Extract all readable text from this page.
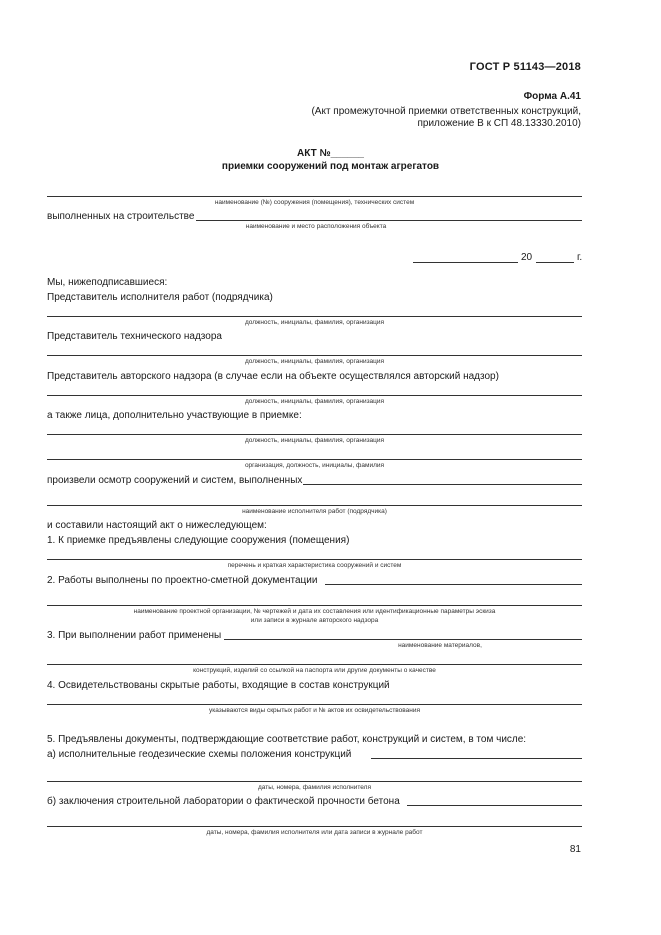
ГОСТ Р 51143—2018
Форма А.41
(Акт промежуточной приемки ответственных конструкций,
приложение В к СП 48.13330.2010)
АКТ №______
приемки сооружений под монтаж агрегатов
наименование (№) сооружения (помещения), технических систем
выполненных на строительстве
наименование и место расположения объекта
20	г.
Мы, нижеподписавшиеся:
Представитель исполнителя работ (подрядчика)
должность, инициалы, фамилия, организация
Представитель технического надзора
должность, инициалы, фамилия, организация
Представитель авторского надзора (в случае если на объекте осуществлялся авторский надзор)
должность, инициалы, фамилия, организация
а также лица, дополнительно участвующие в приемке:
должность, инициалы, фамилия, организация
организация, должность, инициалы, фамилия
произвели осмотр сооружений и систем, выполненных
наименование исполнителя работ (подрядчика)
и составили настоящий акт о нижеследующем:
1. К приемке предъявлены следующие сооружения (помещения)
перечень и краткая характеристика сооружений и систем
2. Работы выполнены по проектно-сметной документации
наименование проектной организации, № чертежей и дата их составления или идентификационные параметры эскиза
или записи в журнале авторского надзора
3. При выполнении работ применены
наименование материалов,
конструкций, изделий со ссылкой на паспорта или другие документы о качестве
4. Освидетельствованы скрытые работы, входящие в состав конструкций
указываются виды скрытых работ и № актов их освидетельствования
5. Предъявлены документы, подтверждающие соответствие работ, конструкций и систем, в том числе:
а) исполнительные геодезические схемы положения конструкций
даты, номера, фамилия исполнителя
б) заключения строительной лаборатории о фактической прочности бетона
даты, номера, фамилия исполнителя или дата записи в журнале работ
81
